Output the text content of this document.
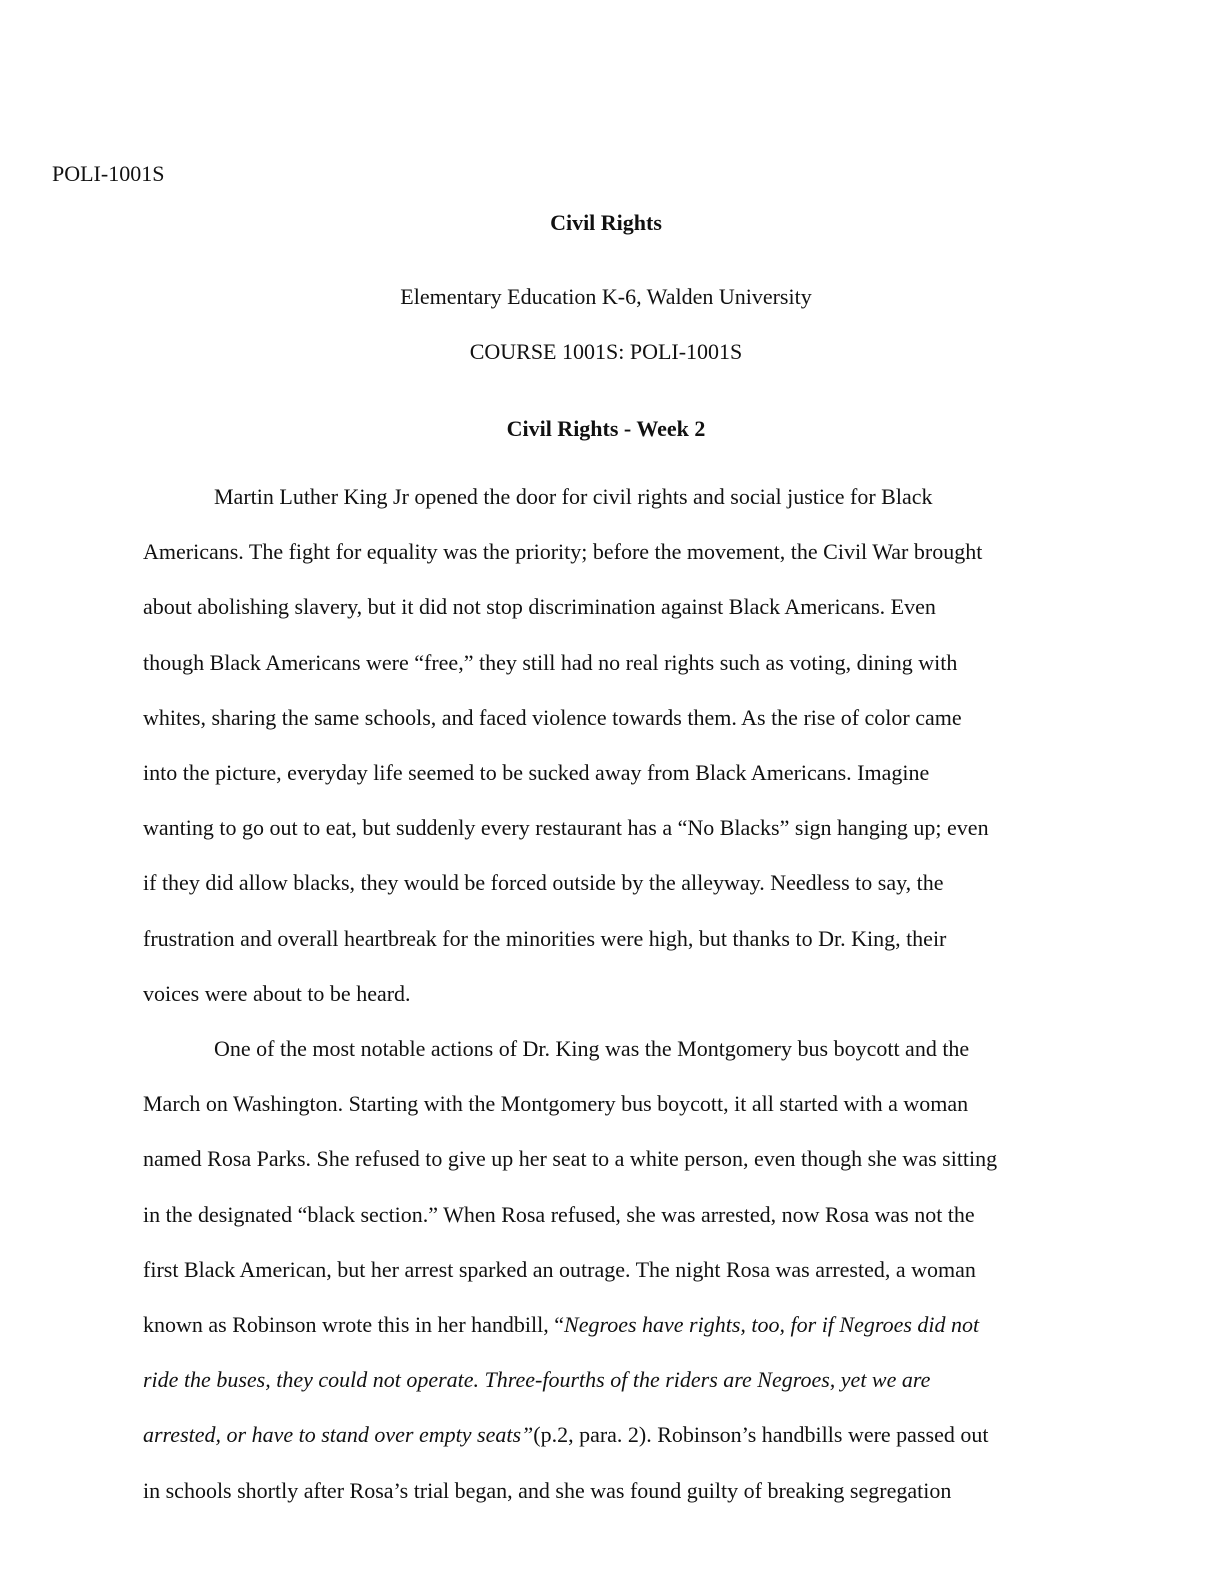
POLI-1001S
Civil Rights
Elementary Education K-6, Walden University
COURSE 1001S: POLI-1001S
Civil Rights - Week 2

Martin Luther King Jr opened the door for civil rights and social justice for Black
Americans. The fight for equality was the priority; before the movement, the Civil War brought
about abolishing slavery, but it did not stop discrimination against Black Americans. Even
though Black Americans were “free,” they still had no real rights such as voting, dining with
whites, sharing the same schools, and faced violence towards them. As the rise of color came
into the picture, everyday life seemed to be sucked away from Black Americans. Imagine
wanting to go out to eat, but suddenly every restaurant has a “No Blacks” sign hanging up; even
if they did allow blacks, they would be forced outside by the alleyway. Needless to say, the
frustration and overall heartbreak for the minorities were high, but thanks to Dr. King, their
voices were about to be heard.

One of the most notable actions of Dr. King was the Montgomery bus boycott and the
March on Washington. Starting with the Montgomery bus boycott, it all started with a woman
named Rosa Parks. She refused to give up her seat to a white person, even though she was sitting
in the designated “black section.” When Rosa refused, she was arrested, now Rosa was not the
first Black American, but her arrest sparked an outrage. The night Rosa was arrested, a woman
known as Robinson wrote this in her handbill, “Negroes have rights, too, for if Negroes did not
ride the buses, they could not operate. Three-fourths of the riders are Negroes, yet we are
arrested, or have to stand over empty seats”(p.2, para. 2). Robinson’s handbills were passed out
in schools shortly after Rosa’s trial began, and she was found guilty of breaking segregation
